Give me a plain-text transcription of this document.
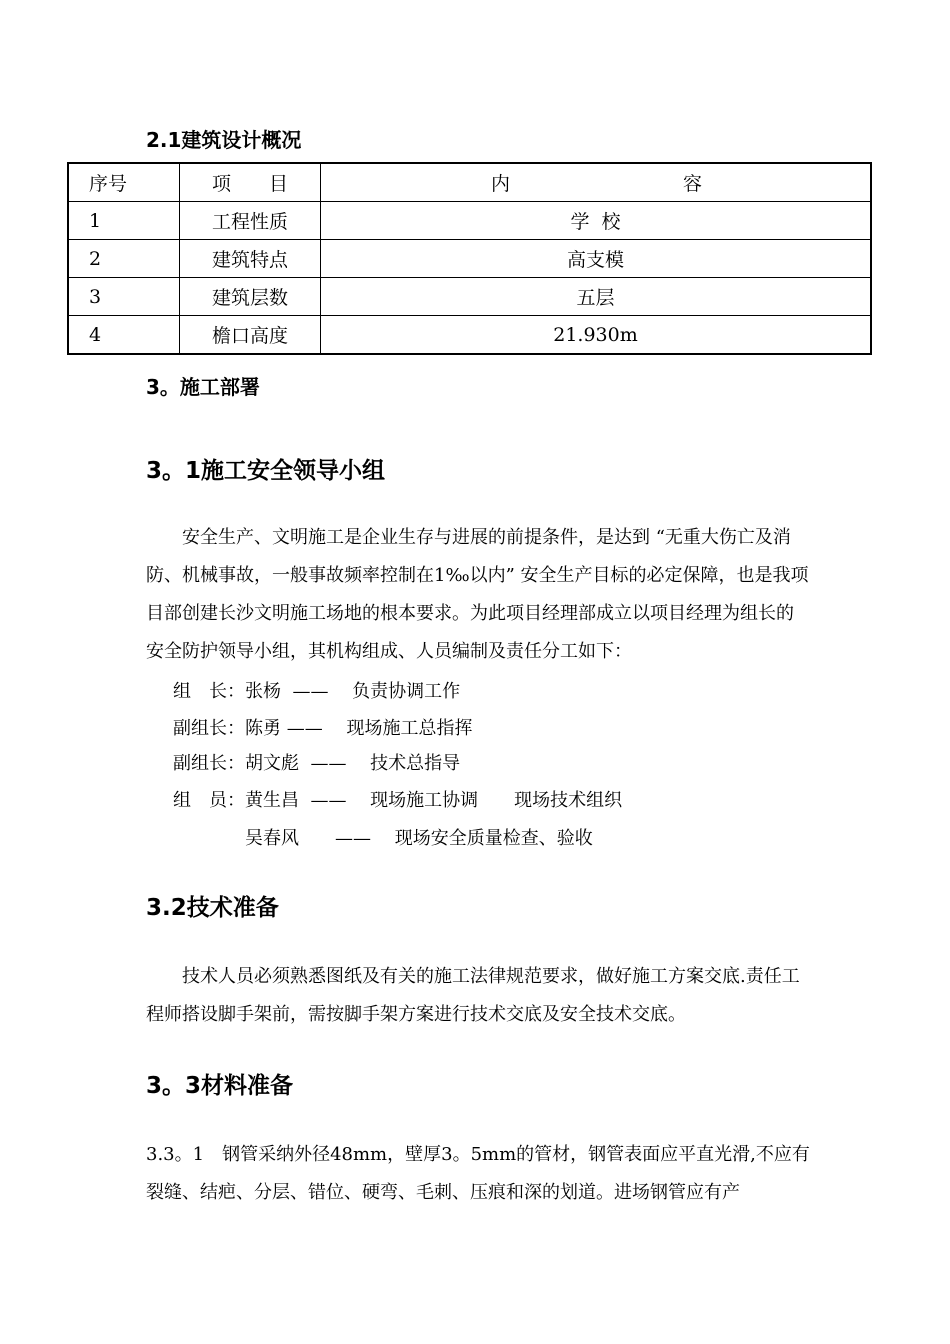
2.1建筑设计概况
序号	项　　目	内 容

1	工程性质	学  校
2	建筑特点	高支模
3	建筑层数	五层
4	檐口高度	21.930m
3。施工部署
3。1施工安全领导小组
安全生产、文明施工是企业生存与进展的前提条件，是达到 “无重大伤亡及消防、机械事故，一般事故频率控制在1‰以内” 安全生产目标的必定保障，也是我项目部创建长沙文明施工场地的根本要求。为此项目经理部成立以项目经理为组长的安全防护领导小组，其机构组成、人员编制及责任分工如下：
组　长：张杨  —— 　负责协调工作
副组长：陈勇 ——　 现场施工总指挥
副组长：胡文彪  ——　 技术总指导
组　员：黄生昌  ——　 现场施工协调　　现场技术组织
吴春风　　——　 现场安全质量检查、验收
3.2技术准备
技术人员必须熟悉图纸及有关的施工法律规范要求，做好施工方案交底.责任工程师搭设脚手架前，需按脚手架方案进行技术交底及安全技术交底。
3。3材料准备
3.3。1　钢管采纳外径48mm，壁厚3。5mm的管材，钢管表面应平直光滑,不应有裂缝、结疤、分层、错位、硬弯、毛刺、压痕和深的划道。进场钢管应有产
